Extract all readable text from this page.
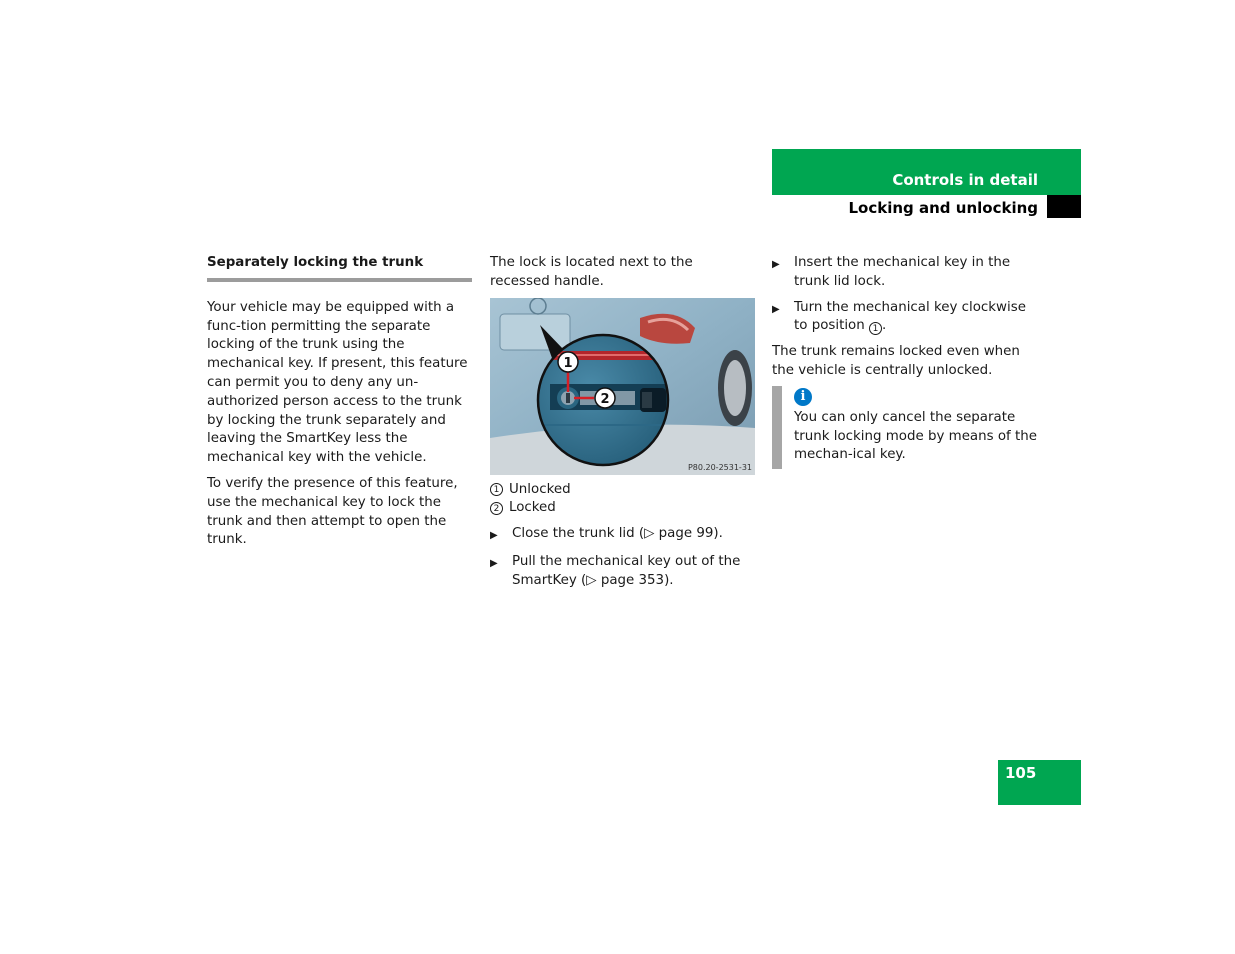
Controls in detail
Locking and unlocking
Separately locking the trunk

Your vehicle may be equipped with a func-tion permitting the separate locking of the trunk using the mechanical key. If present, this feature can permit you to deny any un-authorized person access to the trunk by locking the trunk separately and leaving the SmartKey less the mechanical key with the vehicle.

To verify the presence of this feature, use the mechanical key to lock the trunk and then attempt to open the trunk.

The lock is located next to the recessed handle.

1
2
P80.20-2531-31
1 Unlocked
2 Locked
▶	Close the trunk lid (▷ page 99).
▶	Pull the mechanical key out of the SmartKey (▷ page 353).
▶	Insert the mechanical key in the trunk lid lock.
▶	Turn the mechanical key clockwise to position 1 .

The trunk remains locked even when the vehicle is centrally unlocked.

i

You can only cancel the separate trunk locking mode by means of the mechan-ical key.

105
